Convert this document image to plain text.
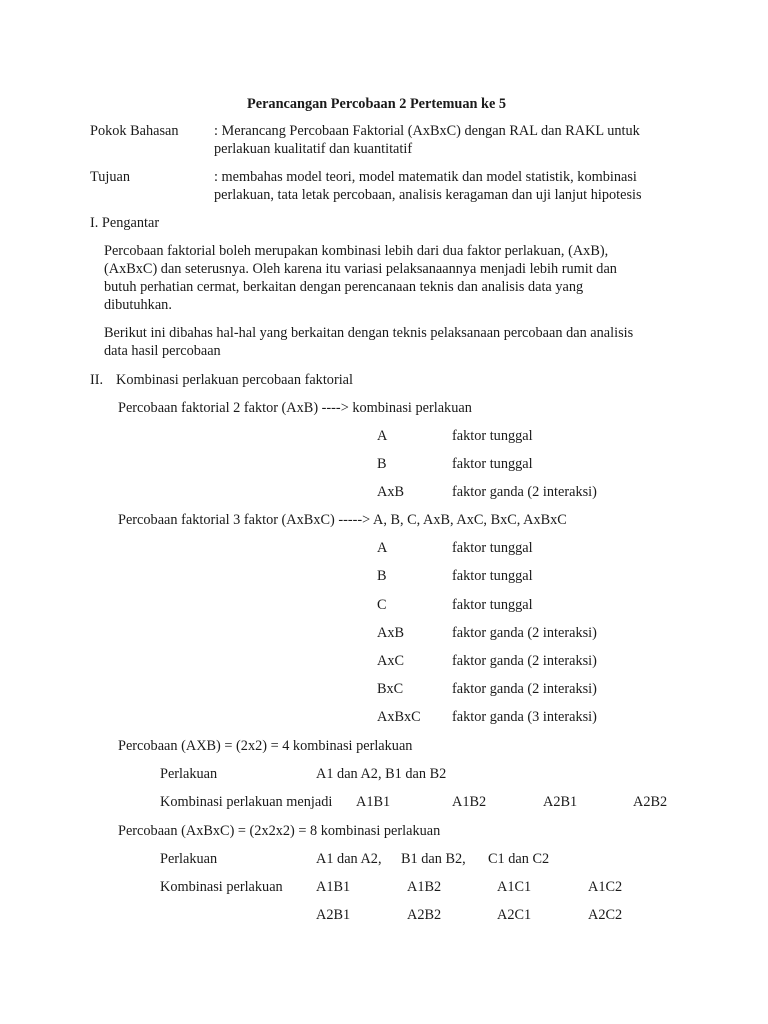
Perancangan Percobaan 2 Pertemuan ke 5
Pokok Bahasan : Merancang Percobaan Faktorial (AxBxC) dengan RAL dan RAKL untuk
perlakuan kualitatif dan kuantitatif
Tujuan	: membahas model teori, model matematik dan model statistik, kombinasi
perlakuan, tata letak percobaan, analisis keragaman dan uji lanjut hipotesis
I. Pengantar
Percobaan faktorial boleh merupakan kombinasi lebih dari dua faktor perlakuan, (AxB),
(AxBxC) dan seterusnya. Oleh karena itu variasi pelaksanaannya menjadi lebih rumit dan
butuh perhatian cermat, berkaitan dengan perencanaan teknis dan analisis data yang
dibutuhkan.
Berikut ini dibahas hal-hal yang berkaitan dengan teknis pelaksanaan percobaan dan analisis
data hasil percobaan
II. Kombinasi perlakuan percobaan faktorial
Percobaan faktorial 2 faktor (AxB) ----> kombinasi perlakuan
A	faktor tunggal
B	faktor tunggal
AxB	faktor ganda (2 interaksi)
Percobaan faktorial 3 faktor (AxBxC) -----> A, B, C, AxB, AxC, BxC, AxBxC
A	faktor tunggal
B	faktor tunggal
C	faktor tunggal
AxB	faktor ganda (2 interaksi)
AxC	faktor ganda (2 interaksi)
BxC	faktor ganda (2 interaksi)
AxBxC faktor ganda (3 interaksi)
Percobaan (AXB) = (2x2) = 4 kombinasi perlakuan
Perlakuan	A1 dan A2, B1 dan B2
Kombinasi perlakuan menjadi A1B1	A1B2	A2B1	A2B2
Percobaan (AxBxC) = (2x2x2) = 8 kombinasi perlakuan
Perlakuan	A1 dan A2, B1 dan B2, C1 dan C2
Kombinasi perlakuan A1B1	A1B2	A1C1	A1C2
A2B1	A2B2	A2C1	A2C2
